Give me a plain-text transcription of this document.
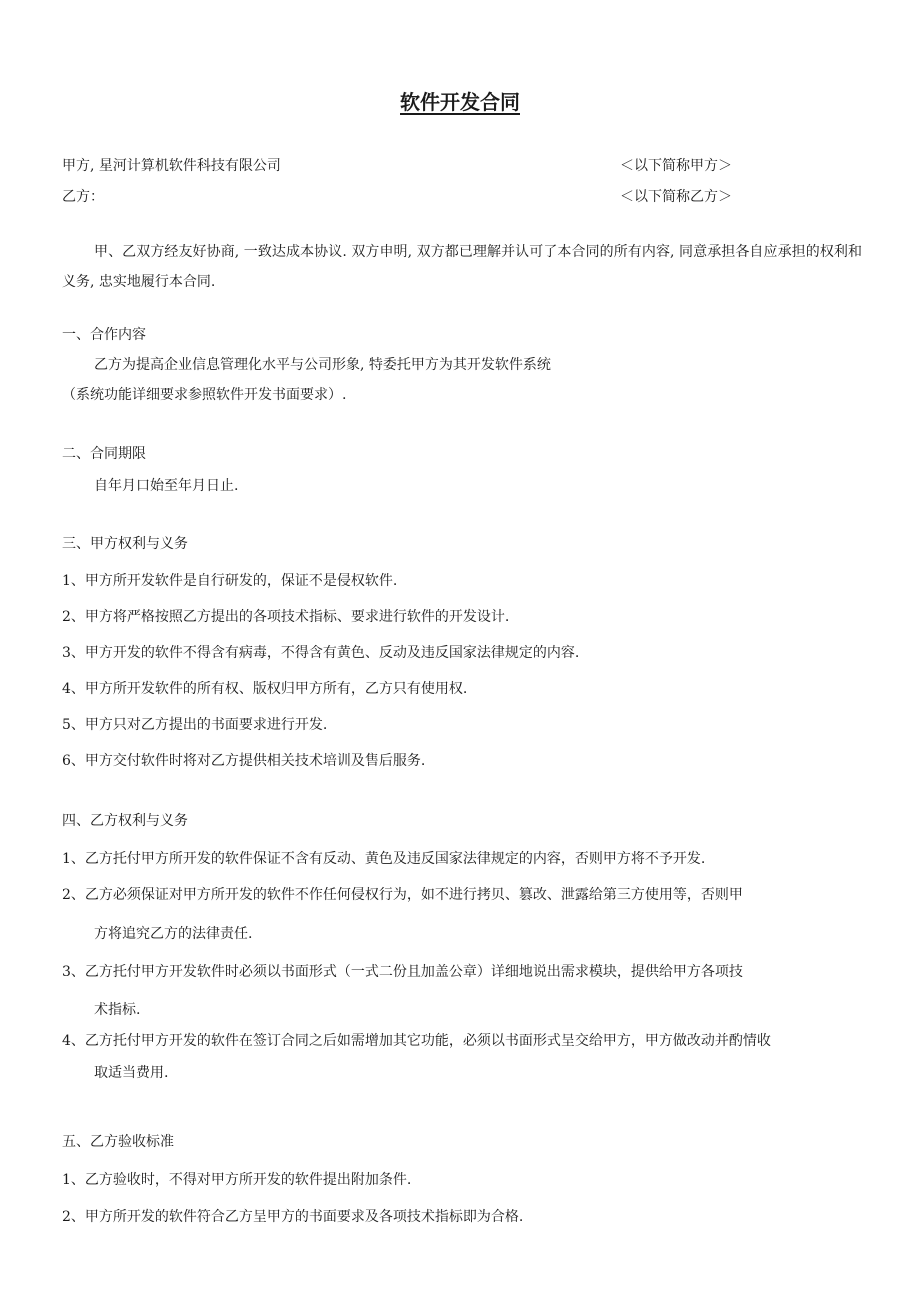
软件开发合同
甲方, 星河计算机软件科技有限公司	＜以下简称甲方＞
乙方：	＜以下简称乙方＞
甲、乙双方经友好协商, 一致达成本协议. 双方申明, 双方都已理解并认可了本合同的所有内容, 同意承担各自应承担的权利和义务, 忠实地履行本合同.
一、合作内容
乙方为提高企业信息管理化水平与公司形象, 特委托甲方为其开发软件系统
（系统功能详细要求参照软件开发书面要求）.
二、合同期限
自年月口始至年月日止.
三、甲方权利与义务
1、甲方所开发软件是自行研发的，保证不是侵权软件.
2、甲方将严格按照乙方提出的各项技术指标、要求进行软件的开发设计.
3、甲方开发的软件不得含有病毒，不得含有黄色、反动及违反国家法律规定的内容.
4、甲方所开发软件的所有权、版权归甲方所有，乙方只有使用权.
5、甲方只对乙方提出的书面要求进行开发.
6、甲方交付软件时将对乙方提供相关技术培训及售后服务.
四、乙方权利与义务
1、乙方托付甲方所开发的软件保证不含有反动、黄色及违反国家法律规定的内容，否则甲方将不予开发.
2、乙方必须保证对甲方所开发的软件不作任何侵权行为，如不进行拷贝、篡改、泄露给第三方使用等，否则甲
方将追究乙方的法律责任.
3、乙方托付甲方开发软件时必须以书面形式（一式二份且加盖公章）详细地说出需求模块，提供给甲方各项技
术指标.
4、乙方托付甲方开发的软件在签订合同之后如需增加其它功能，必须以书面形式呈交给甲方，甲方做改动并酌情收
取适当费用.
五、乙方验收标准
1、乙方验收时，不得对甲方所开发的软件提出附加条件.
2、甲方所开发的软件符合乙方呈甲方的书面要求及各项技术指标即为合格.
